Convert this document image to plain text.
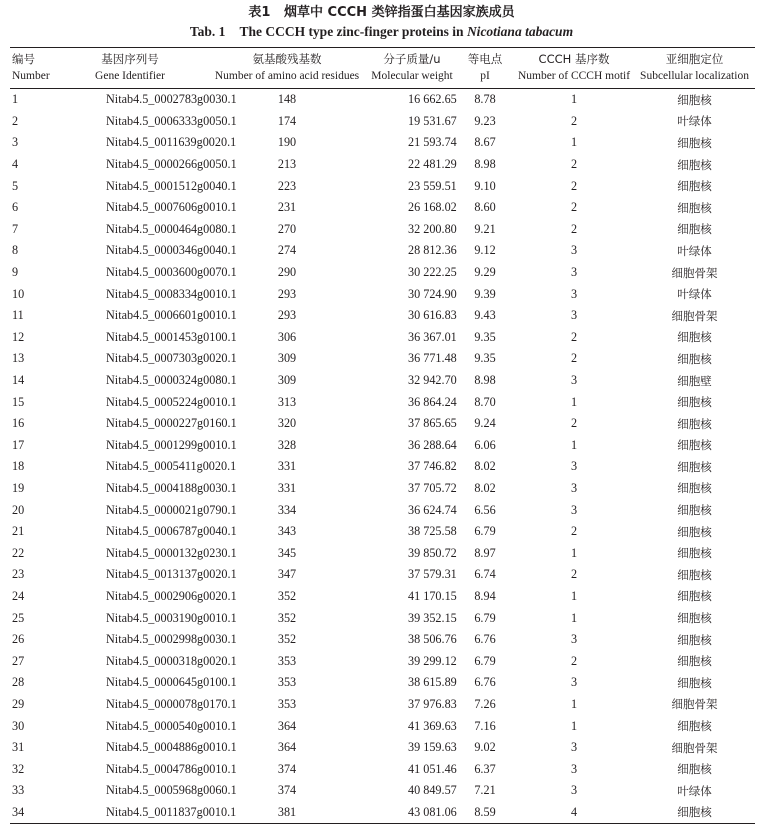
表1 烟草中 CCCH 类锌指蛋白基因家族成员
Tab. 1 The CCCH type zinc-finger proteins in Nicotiana tabacum
编号	基因序列号	氨基酸残基数	分子质量/u	等电点	CCCH 基序数	亚细胞定位
Number	Gene Identifier	Number of amino acid residues	Molecular weight	pI	Number of CCCH motif	Subcellular localization
1	Nitab4.5_0002783g0030.1	148	16 662.65	8.78	1	细胞核
2	Nitab4.5_0006333g0050.1	174	19 531.67	9.23	2	叶绿体
3	Nitab4.5_0011639g0020.1	190	21 593.74	8.67	1	细胞核
4	Nitab4.5_0000266g0050.1	213	22 481.29	8.98	2	细胞核
5	Nitab4.5_0001512g0040.1	223	23 559.51	9.10	2	细胞核
6	Nitab4.5_0007606g0010.1	231	26 168.02	8.60	2	细胞核
7	Nitab4.5_0000464g0080.1	270	32 200.80	9.21	2	细胞核
8	Nitab4.5_0000346g0040.1	274	28 812.36	9.12	3	叶绿体
9	Nitab4.5_0003600g0070.1	290	30 222.25	9.29	3	细胞骨架
10	Nitab4.5_0008334g0010.1	293	30 724.90	9.39	3	叶绿体
11	Nitab4.5_0006601g0010.1	293	30 616.83	9.43	3	细胞骨架
12	Nitab4.5_0001453g0100.1	306	36 367.01	9.35	2	细胞核
13	Nitab4.5_0007303g0020.1	309	36 771.48	9.35	2	细胞核
14	Nitab4.5_0000324g0080.1	309	32 942.70	8.98	3	细胞壁
15	Nitab4.5_0005224g0010.1	313	36 864.24	8.70	1	细胞核
16	Nitab4.5_0000227g0160.1	320	37 865.65	9.24	2	细胞核
17	Nitab4.5_0001299g0010.1	328	36 288.64	6.06	1	细胞核
18	Nitab4.5_0005411g0020.1	331	37 746.82	8.02	3	细胞核
19	Nitab4.5_0004188g0030.1	331	37 705.72	8.02	3	细胞核
20	Nitab4.5_0000021g0790.1	334	36 624.74	6.56	3	细胞核
21	Nitab4.5_0006787g0040.1	343	38 725.58	6.79	2	细胞核
22	Nitab4.5_0000132g0230.1	345	39 850.72	8.97	1	细胞核
23	Nitab4.5_0013137g0020.1	347	37 579.31	6.74	2	细胞核
24	Nitab4.5_0002906g0020.1	352	41 170.15	8.94	1	细胞核
25	Nitab4.5_0003190g0010.1	352	39 352.15	6.79	1	细胞核
26	Nitab4.5_0002998g0030.1	352	38 506.76	6.76	3	细胞核
27	Nitab4.5_0000318g0020.1	353	39 299.12	6.79	2	细胞核
28	Nitab4.5_0000645g0100.1	353	38 615.89	6.76	3	细胞核
29	Nitab4.5_0000078g0170.1	353	37 976.83	7.26	1	细胞骨架
30	Nitab4.5_0000540g0010.1	364	41 369.63	7.16	1	细胞核
31	Nitab4.5_0004886g0010.1	364	39 159.63	9.02	3	细胞骨架
32	Nitab4.5_0004786g0010.1	374	41 051.46	6.37	3	细胞核
33	Nitab4.5_0005968g0060.1	374	40 849.57	7.21	3	叶绿体
34	Nitab4.5_0011837g0010.1	381	43 081.06	8.59	4	细胞核
